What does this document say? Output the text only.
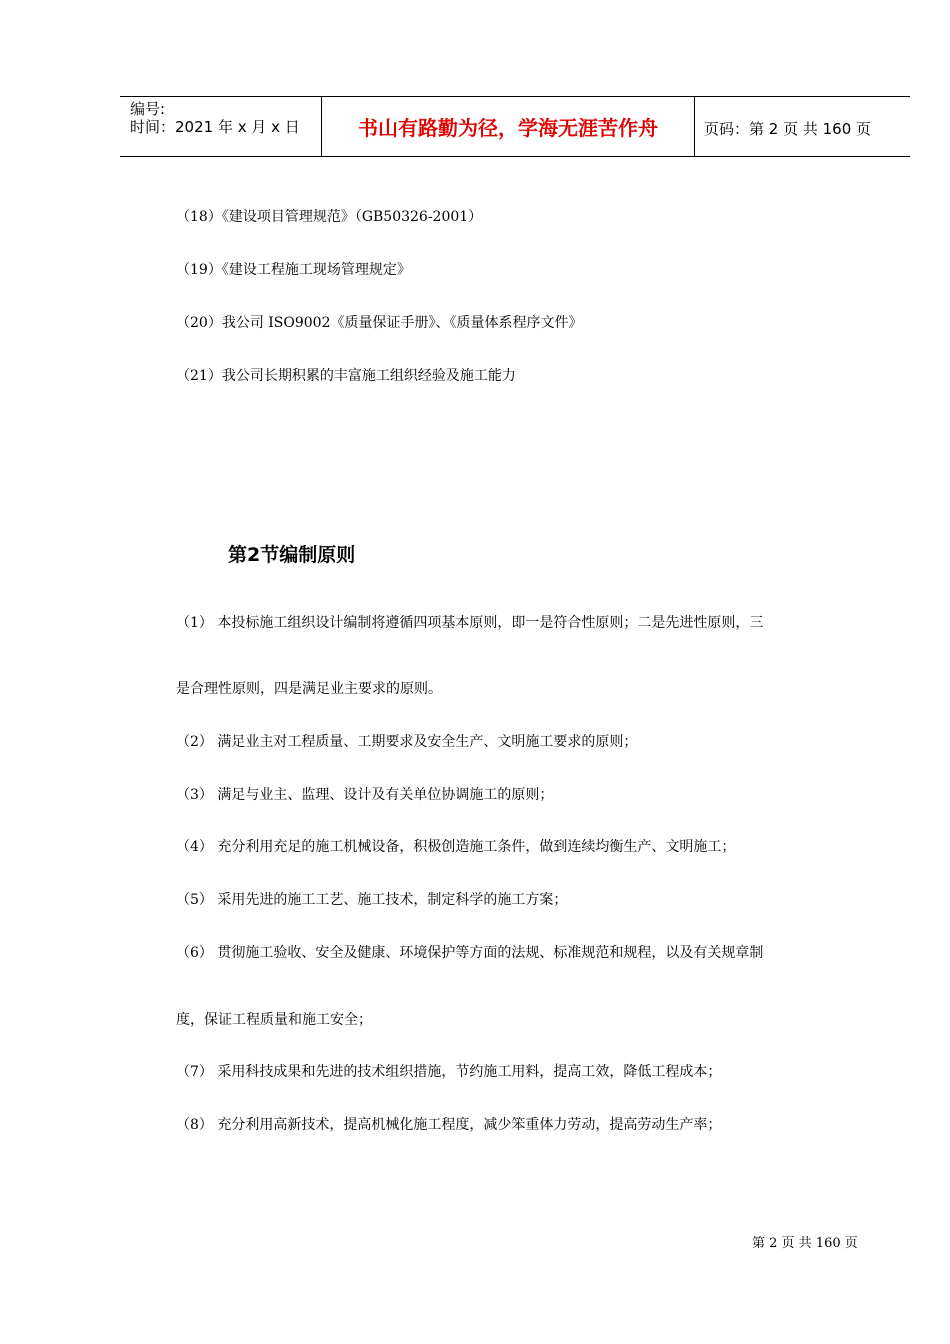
编号:
时间：2021 年 x 月 x 日	书山有路勤为径，学海无涯苦作舟	页码：第 2 页 共 160 页
（18）《建设项目管理规范》（GB50326-2001）
（19）《建设工程施工现场管理规定》
（20）我公司 ISO9002《质量保证手册》、《质量体系程序文件》
（21）我公司长期积累的丰富施工组织经验及施工能力
第2节编制原则
（1） 本投标施工组织设计编制将遵循四项基本原则，即一是符合性原则；二是先进性原则，三
是合理性原则，四是满足业主要求的原则。
（2） 满足业主对工程质量、工期要求及安全生产、文明施工要求的原则；
（3） 满足与业主、监理、设计及有关单位协调施工的原则；
（4） 充分利用充足的施工机械设备，积极创造施工条件，做到连续均衡生产、文明施工；
（5） 采用先进的施工工艺、施工技术，制定科学的施工方案；
（6） 贯彻施工验收、安全及健康、环境保护等方面的法规、标准规范和规程，以及有关规章制
度，保证工程质量和施工安全；
（7） 采用科技成果和先进的技术组织措施，节约施工用料，提高工效，降低工程成本；
（8） 充分利用高新技术，提高机械化施工程度，减少笨重体力劳动，提高劳动生产率；
第 2 页 共 160 页
